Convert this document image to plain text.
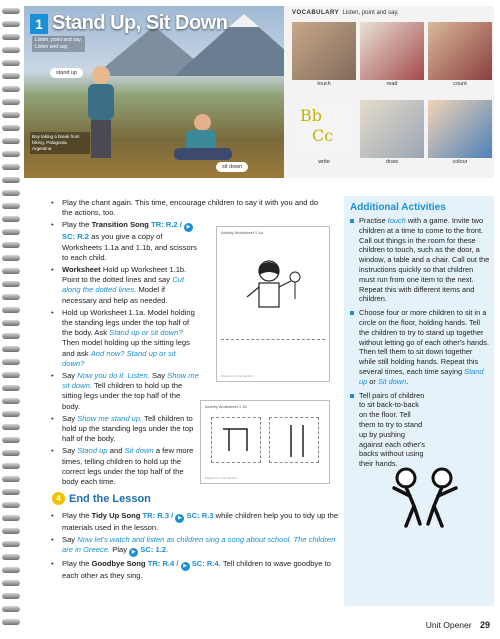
1 Stand Up, Sit Down
Listen, point and say.
Listen and say.
stand up
sit down
Boy taking a break from hiking, Patagonia, Argentina
VOCABULARY Listen, point and say.
touch	read	count
Bb
Cc
write	draw	colour
• Play the chant again. This time, encourage children to say it with you and do the actions, too.
• Play the Transition Song TR: R.2 / ▶ SC: R.2 as you give a copy of Worksheets 1.1a and 1.1b, and scissors to each child.
• Worksheet Hold up Worksheet 1.1b. Point to the dotted lines and say Cut along the dotted lines. Model if necessary and help as needed.
• Hold up Worksheet 1.1a. Model holding the standing legs under the top half of the body. Ask Stand up or sit down? Then model holding up the sitting legs and ask And now? Stand up or sit down?
• Say Now you do it. Listen. Say Show me sit down. Tell children to hold up the sitting legs under the top half of the body.
• Say Show me stand up. Tell children to hold up the standing legs under the top half of the body.
• Say Stand up and Sit down a few more times, telling children to hold up the correct legs under the top half of the body each time.
Activity Worksheet 1.1a
Welcome to Our World 1
Activity Worksheet 1.1b
Welcome to Our World 1
4 End the Lesson
• Play the Tidy Up Song TR: R.3 / ▶ SC: R.3 while children help you to tidy up the materials used in the lesson.
• Say Now let's watch and listen as children sing a song about school. The children are in Greece. Play ▶ SC: 1.2.
• Play the Goodbye Song TR: R.4 / ▶ SC: R.4. Tell children to wave goodbye to each other as they sing.
Additional Activities
Practise touch with a game. Invite two children at a time to come to the front. Call out things in the room for these children to touch, such as the door, a window, a table and a chair. Call out the instructions quickly so that children must run from one item to the next. Repeat this with different items and children.
Choose four or more children to sit in a circle on the floor, holding hands. Tell the children to try to stand up together without letting go of each other's hands. Then tell them to sit down together while still holding hands. Repeat this several times, each time saying Stand up or Sit down.
Tell pairs of children to sit back-to-back on the floor. Tell them to try to stand up by pushing against each other's backs without using their hands.
Unit Opener 29
